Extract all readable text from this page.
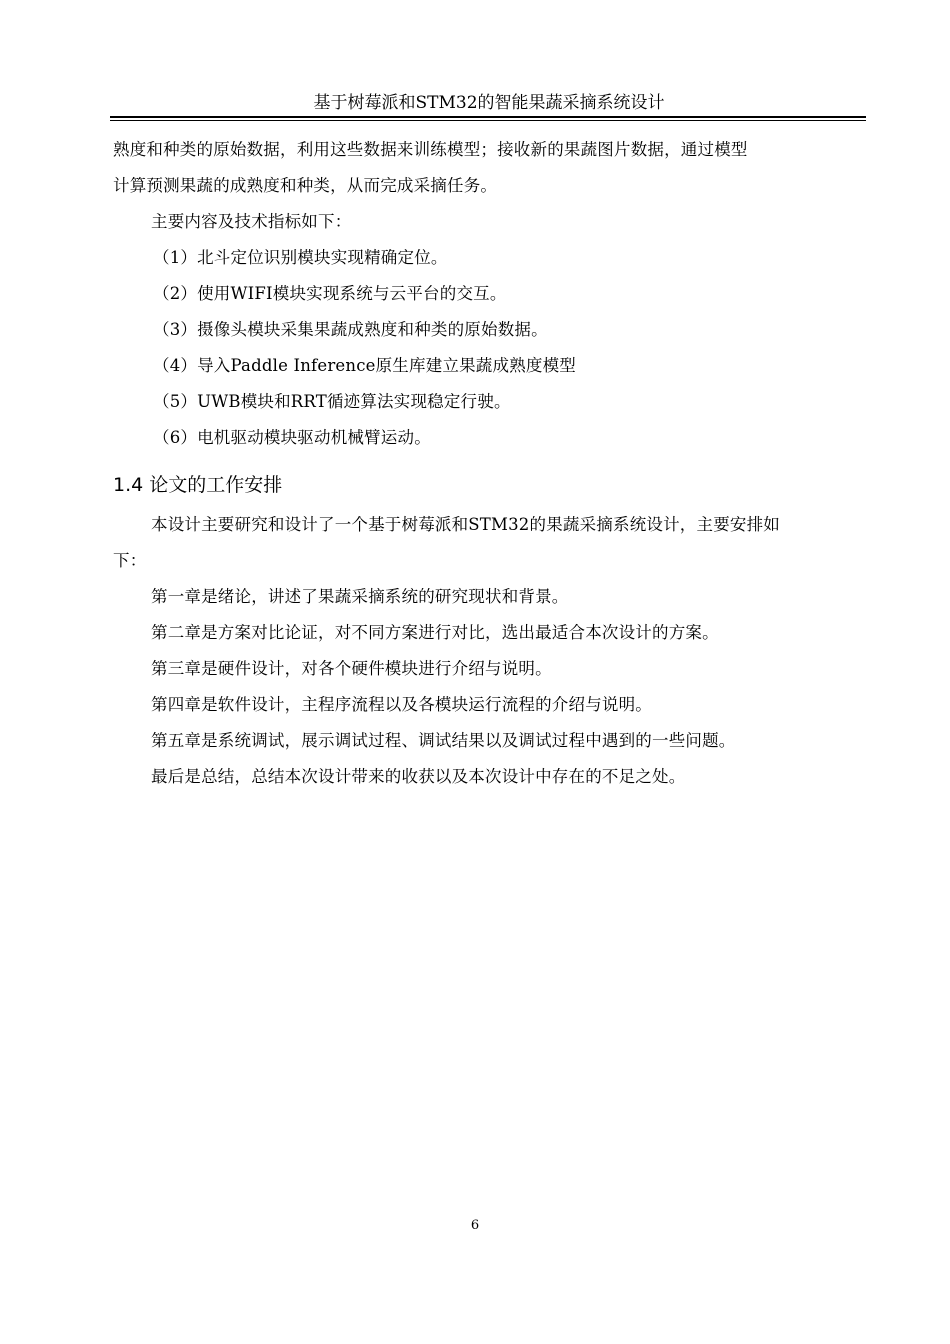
基于树莓派和STM32的智能果蔬采摘系统设计
熟度和种类的原始数据，利用这些数据来训练模型；接收新的果蔬图片数据，通过模型
计算预测果蔬的成熟度和种类，从而完成采摘任务。
主要内容及技术指标如下：
（1）北斗定位识别模块实现精确定位。
（2）使用WIFI模块实现系统与云平台的交互。
（3）摄像头模块采集果蔬成熟度和种类的原始数据。
（4）导入Paddle Inference原生库建立果蔬成熟度模型
（5）UWB模块和RRT循迹算法实现稳定行驶。
（6）电机驱动模块驱动机械臂运动。
1.4 论文的工作安排
本设计主要研究和设计了一个基于树莓派和STM32的果蔬采摘系统设计，主要安排如
下：
第一章是绪论，讲述了果蔬采摘系统的研究现状和背景。
第二章是方案对比论证，对不同方案进行对比，选出最适合本次设计的方案。
第三章是硬件设计，对各个硬件模块进行介绍与说明。
第四章是软件设计，主程序流程以及各模块运行流程的介绍与说明。
第五章是系统调试，展示调试过程、调试结果以及调试过程中遇到的一些问题。
最后是总结，总结本次设计带来的收获以及本次设计中存在的不足之处。
6
